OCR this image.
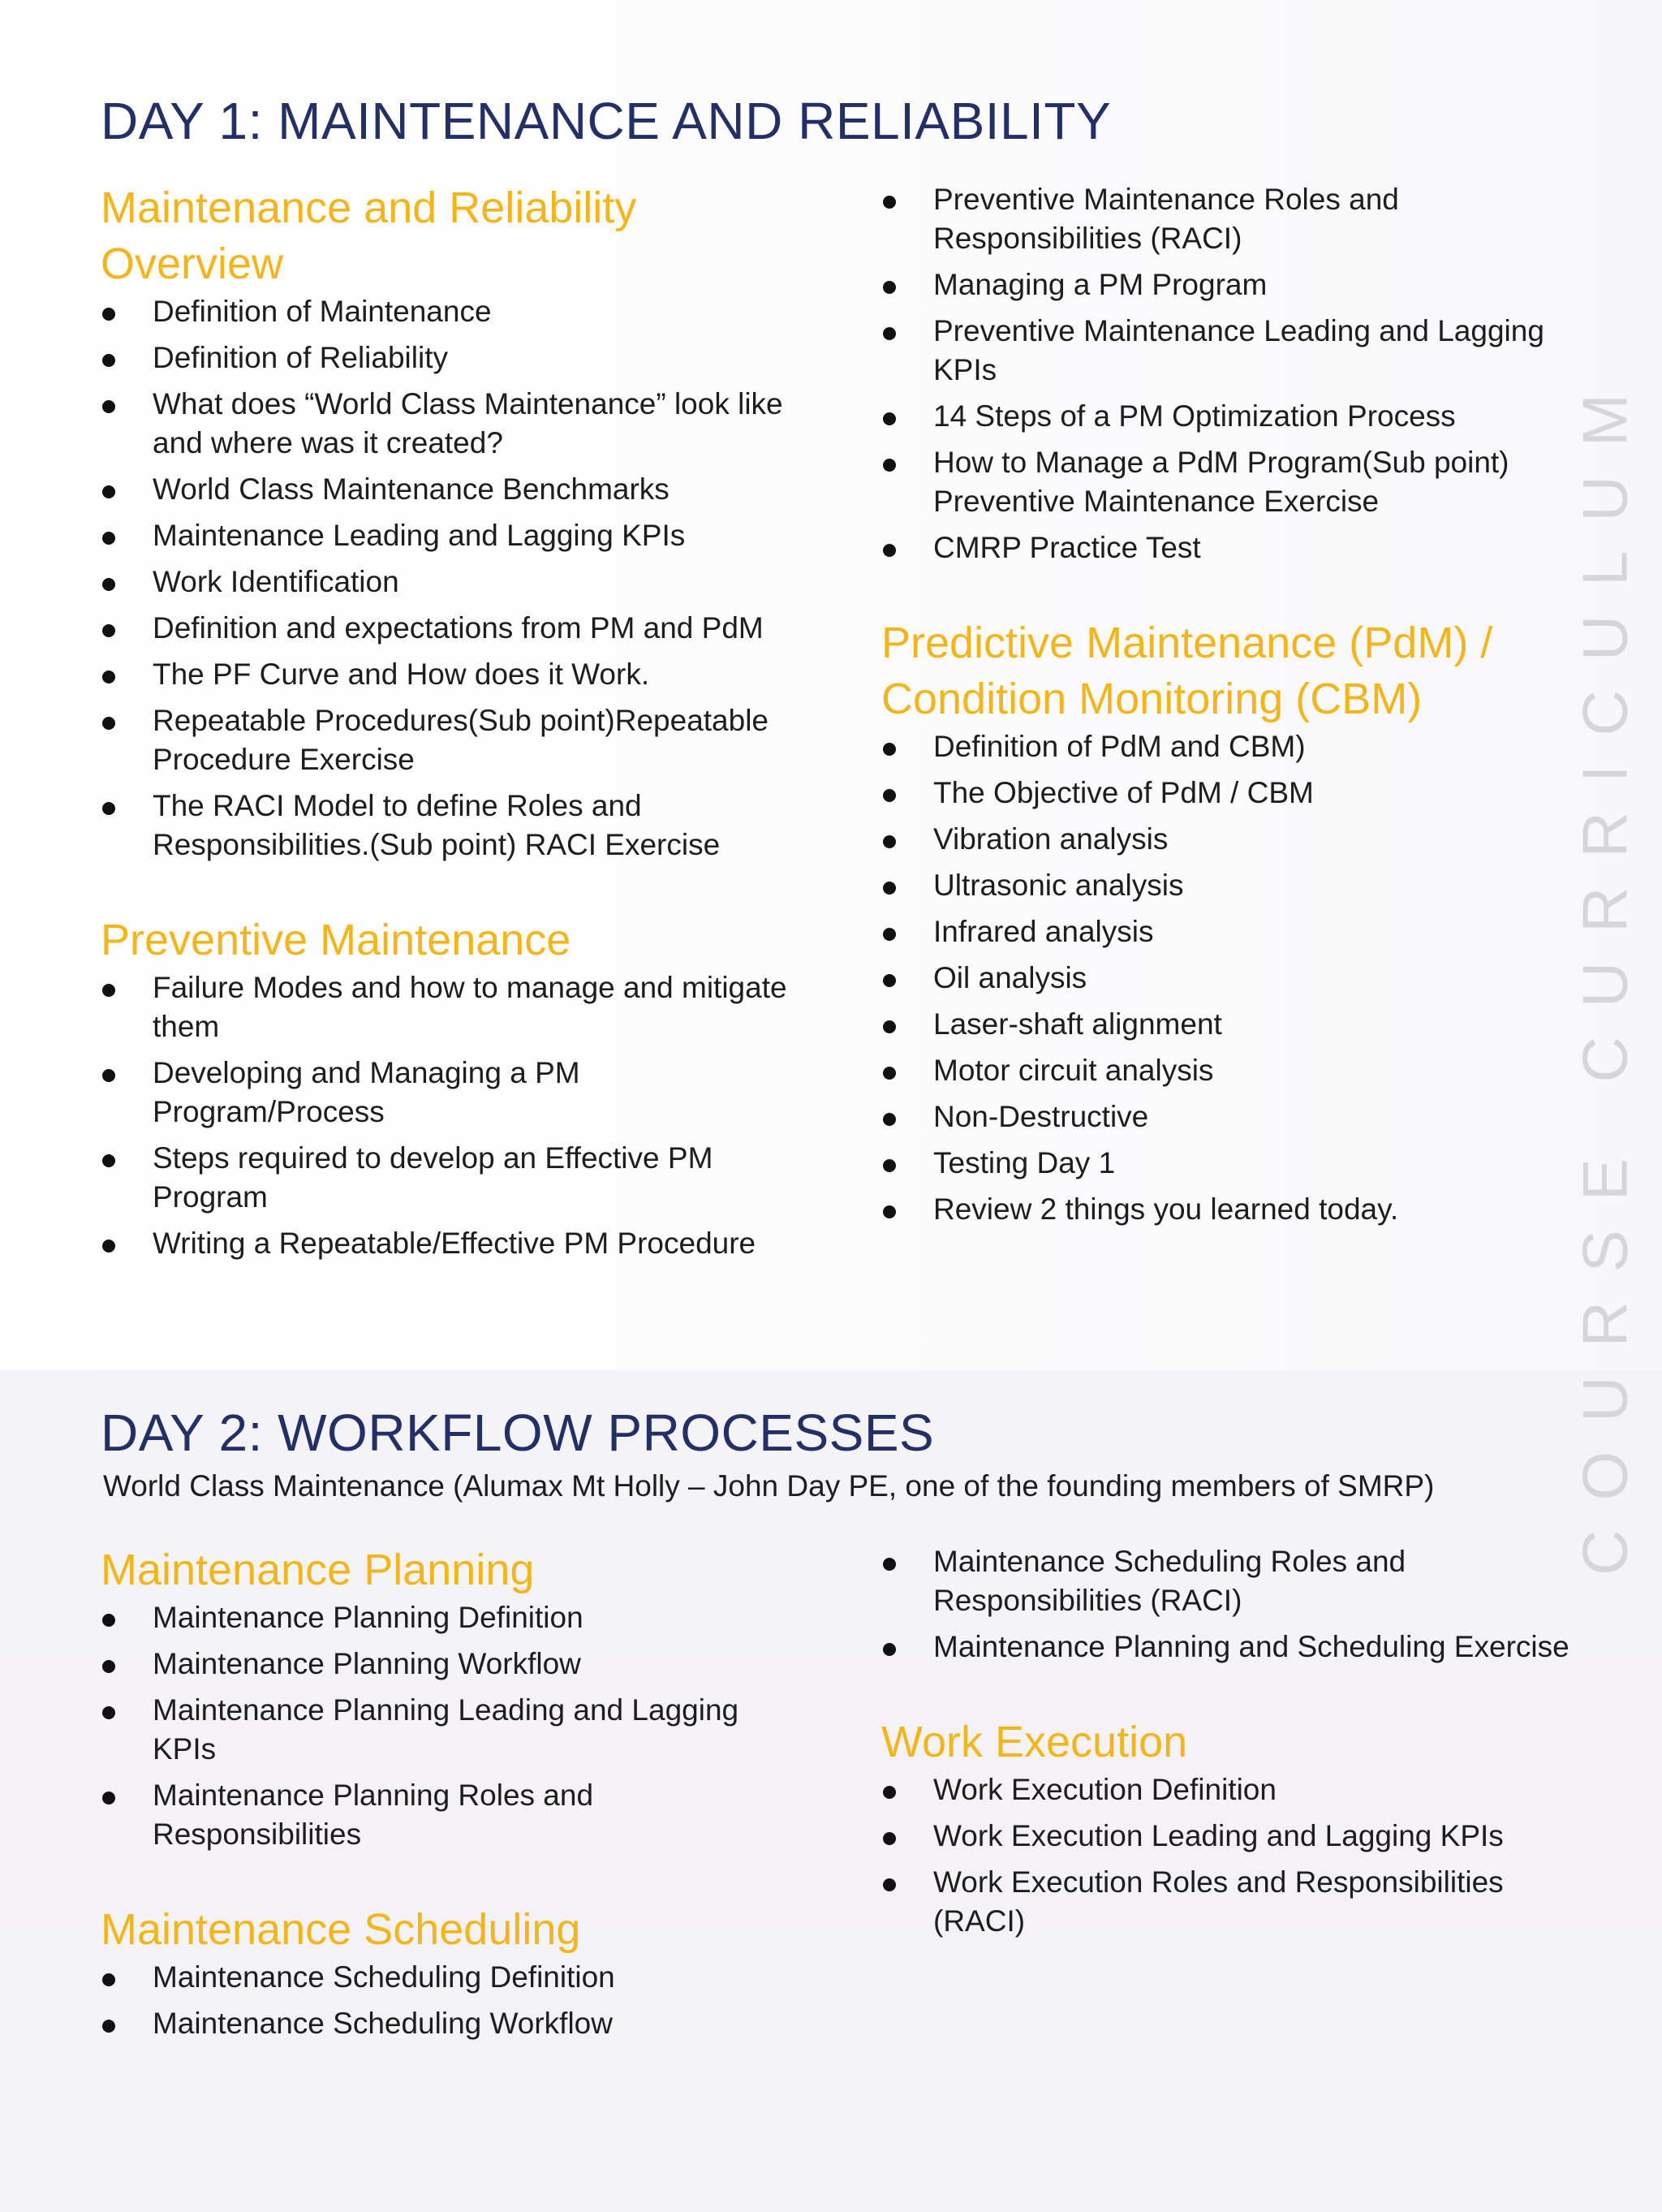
COURSE CURRICULUM
DAY 1: MAINTENANCE AND RELIABILITY
Maintenance and Reliability Overview
Definition of Maintenance
Definition of Reliability
What does “World Class Maintenance” look like and where was it created?
World Class Maintenance Benchmarks
Maintenance Leading and Lagging KPIs
Work Identification
Definition and expectations from PM and PdM
The PF Curve and How does it Work.
Repeatable Procedures(Sub point)Repeatable Procedure Exercise
The RACI Model to define Roles and Responsibilities.(Sub point) RACI Exercise
Preventive Maintenance
Failure Modes and how to manage and mitigate them
Developing and Managing a PM Program/Process
Steps required to develop an Effective PM Program
Writing a Repeatable/Effective PM Procedure
Preventive Maintenance Roles and Responsibilities (RACI)
Managing a PM Program
Preventive Maintenance Leading and Lagging KPIs
14 Steps of a PM Optimization Process
How to Manage a PdM Program(Sub point) Preventive Maintenance Exercise
CMRP Practice Test
Predictive Maintenance (PdM) / Condition Monitoring (CBM)
Definition of PdM and CBM)
The Objective of PdM / CBM
Vibration analysis
Ultrasonic analysis
Infrared analysis
Oil analysis
Laser-shaft alignment
Motor circuit analysis
Non-Destructive
Testing Day 1
Review 2 things you learned today.
DAY 2: WORKFLOW PROCESSES

World Class Maintenance (Alumax Mt Holly – John Day PE, one of the founding members of SMRP)

Maintenance Planning
Maintenance Planning Definition
Maintenance Planning Workflow
Maintenance Planning Leading and Lagging KPIs
Maintenance Planning Roles and Responsibilities
Maintenance Scheduling
Maintenance Scheduling Definition
Maintenance Scheduling Workflow
Maintenance Scheduling Roles and Responsibilities (RACI)
Maintenance Planning and Scheduling Exercise
Work Execution
Work Execution Definition
Work Execution Leading and Lagging KPIs
Work Execution Roles and Responsibilities (RACI)
